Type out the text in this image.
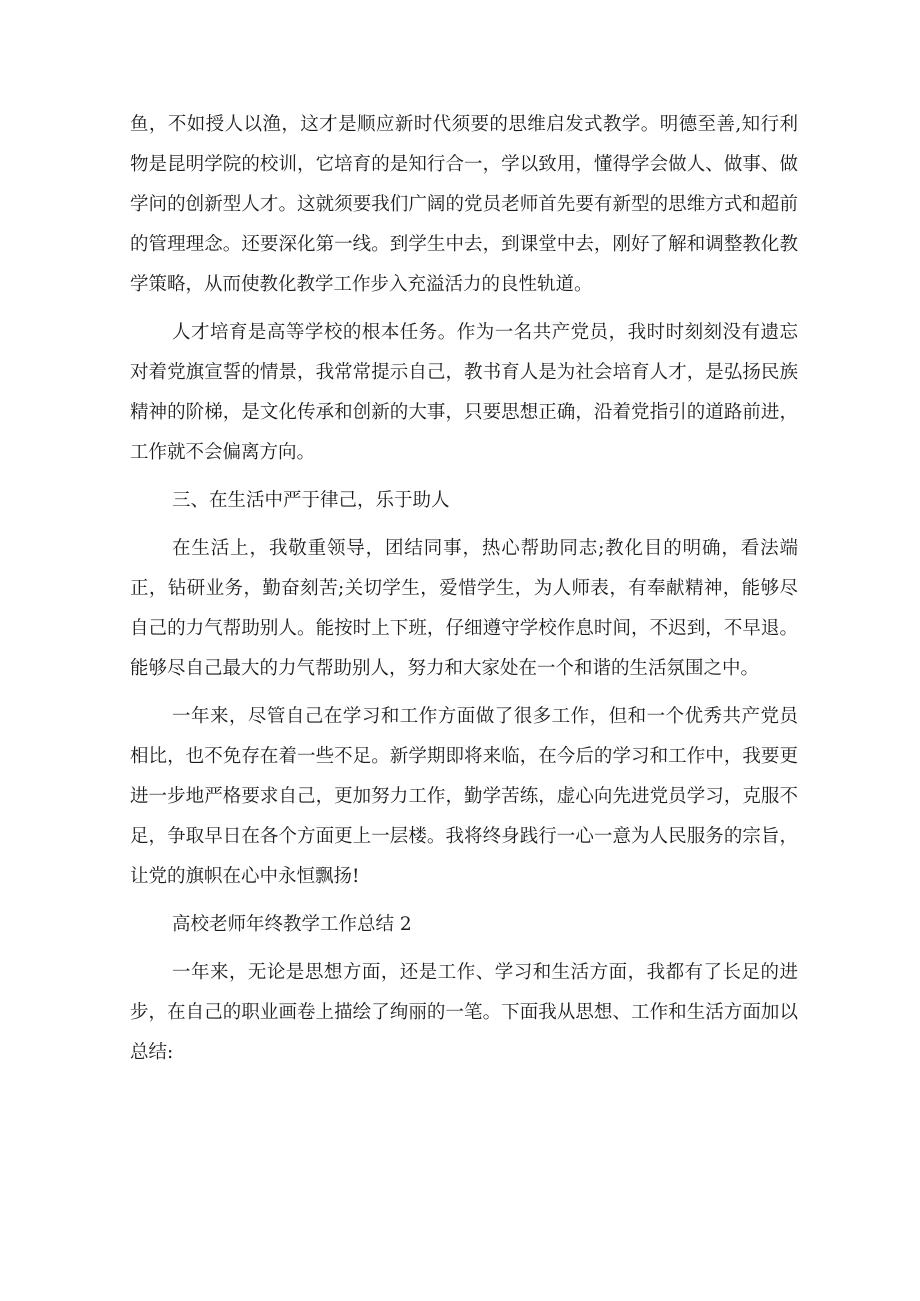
鱼，不如授人以渔，这才是顺应新时代须要的思维启发式教学。明德至善,知行利物是昆明学院的校训，它培育的是知行合一，学以致用，懂得学会做人、做事、做学问的创新型人才。这就须要我们广阔的党员老师首先要有新型的思维方式和超前的管理理念。还要深化第一线。到学生中去，到课堂中去，刚好了解和调整教化教学策略，从而使教化教学工作步入充溢活力的良性轨道。

人才培育是高等学校的根本任务。作为一名共产党员，我时时刻刻没有遗忘对着党旗宣誓的情景，我常常提示自己，教书育人是为社会培育人才，是弘扬民族精神的阶梯，是文化传承和创新的大事，只要思想正确，沿着党指引的道路前进，工作就不会偏离方向。

三、在生活中严于律己，乐于助人

在生活上，我敬重领导，团结同事，热心帮助同志;教化目的明确，看法端正，钻研业务，勤奋刻苦;关切学生，爱惜学生，为人师表，有奉献精神，能够尽自己的力气帮助别人。能按时上下班，仔细遵守学校作息时间，不迟到，不早退。能够尽自己最大的力气帮助别人，努力和大家处在一个和谐的生活氛围之中。

一年来，尽管自己在学习和工作方面做了很多工作，但和一个优秀共产党员相比，也不免存在着一些不足。新学期即将来临，在今后的学习和工作中，我要更进一步地严格要求自己，更加努力工作，勤学苦练，虚心向先进党员学习，克服不足，争取早日在各个方面更上一层楼。我将终身践行一心一意为人民服务的宗旨，让党的旗帜在心中永恒飘扬!

高校老师年终教学工作总结 2

一年来，无论是思想方面，还是工作、学习和生活方面，我都有了长足的进步，在自己的职业画卷上描绘了绚丽的一笔。下面我从思想、工作和生活方面加以总结:
